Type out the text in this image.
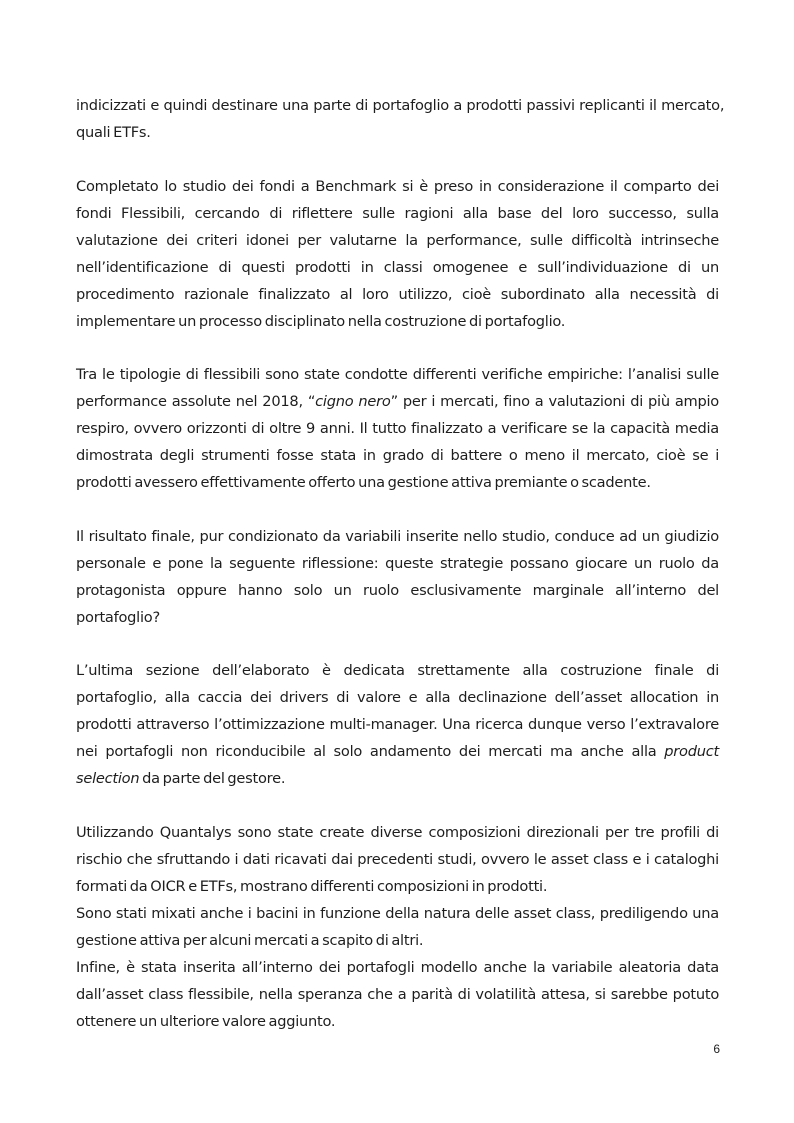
indicizzati e quindi destinare una parte di portafoglio a prodotti passivi replicanti il mercato,
quali ETFs.
Completato lo studio dei fondi a Benchmark si è preso in considerazione il comparto dei
fondi Flessibili, cercando di riflettere sulle ragioni alla base del loro successo, sulla
valutazione dei criteri idonei per valutarne la performance, sulle difficoltà intrinseche
nell’identificazione di questi prodotti in classi omogenee e sull’individuazione di un
procedimento razionale finalizzato al loro utilizzo, cioè subordinato alla necessità di
implementare un processo disciplinato nella costruzione di portafoglio.
Tra le tipologie di flessibili sono state condotte differenti verifiche empiriche: l’analisi sulle
performance assolute nel 2018, “cigno nero” per i mercati, fino a valutazioni di più ampio
respiro, ovvero orizzonti di oltre 9 anni. Il tutto finalizzato a verificare se la capacità media
dimostrata degli strumenti fosse stata in grado di battere o meno il mercato, cioè se i
prodotti avessero effettivamente offerto una gestione attiva premiante o scadente.
Il risultato finale, pur condizionato da variabili inserite nello studio, conduce ad un giudizio
personale e pone la seguente riflessione: queste strategie possano giocare un ruolo da
protagonista oppure hanno solo un ruolo esclusivamente marginale all’interno del
portafoglio?
L’ultima sezione dell’elaborato è dedicata strettamente alla costruzione finale di
portafoglio, alla caccia dei drivers di valore e alla declinazione dell’asset allocation in
prodotti attraverso l’ottimizzazione multi-manager. Una ricerca dunque verso l’extravalore
nei portafogli non riconducibile al solo andamento dei mercati ma anche alla product
selection da parte del gestore.
Utilizzando Quantalys sono state create diverse composizioni direzionali per tre profili di
rischio che sfruttando i dati ricavati dai precedenti studi, ovvero le asset class e i cataloghi
formati da OICR e ETFs, mostrano differenti composizioni in prodotti.
Sono stati mixati anche i bacini in funzione della natura delle asset class, prediligendo una
gestione attiva per alcuni mercati a scapito di altri.
Infine, è stata inserita all’interno dei portafogli modello anche la variabile aleatoria data
dall’asset class flessibile, nella speranza che a parità di volatilità attesa, si sarebbe potuto
ottenere un ulteriore valore aggiunto.
6
